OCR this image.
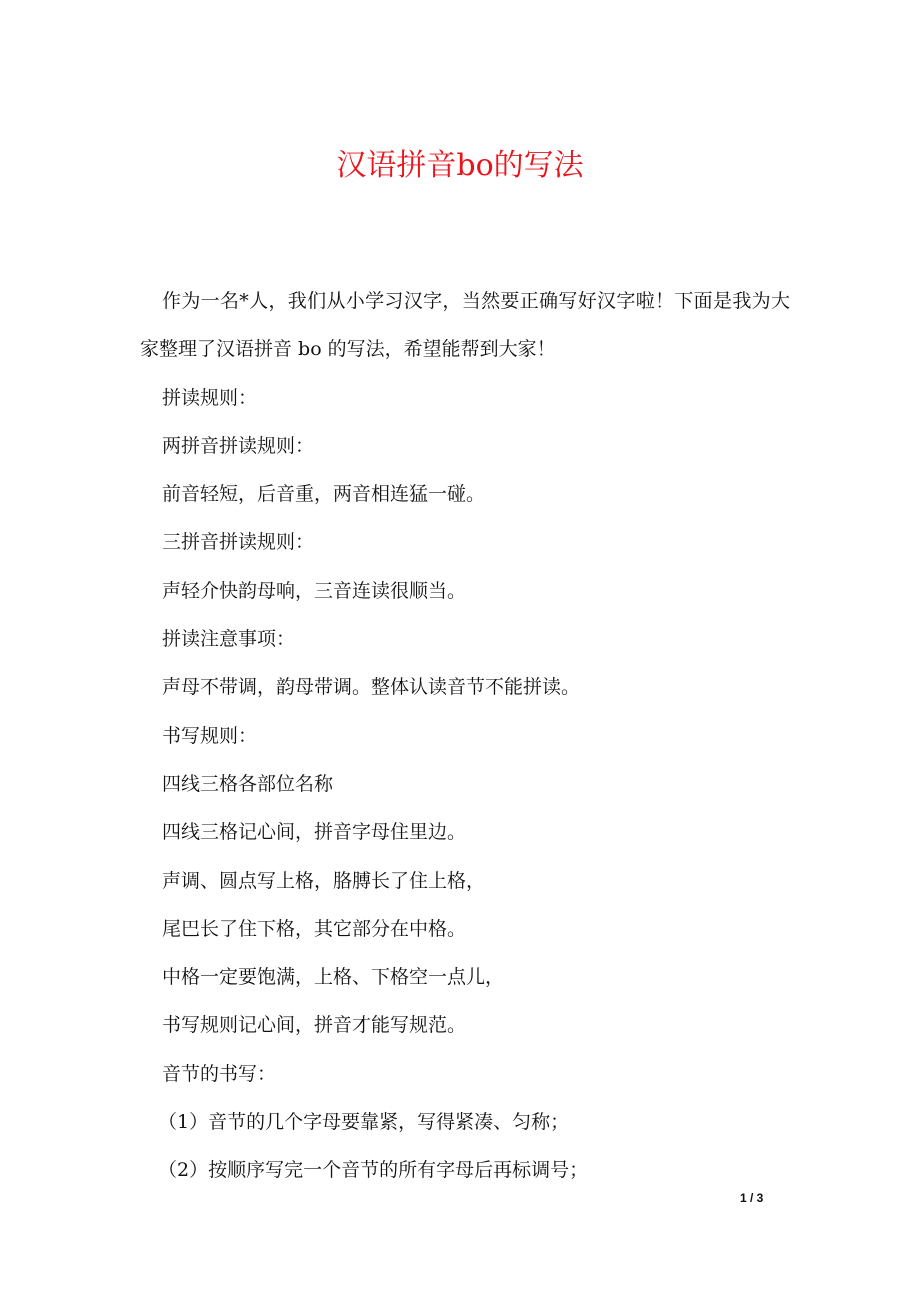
汉语拼音bo的写法

作为一名*人，我们从小学习汉字，当然要正确写好汉字啦！下面是我为大家整理了汉语拼音 bo 的写法，希望能帮到大家！

拼读规则：

两拼音拼读规则：

前音轻短，后音重，两音相连猛一碰。

三拼音拼读规则：

声轻介快韵母响，三音连读很顺当。

拼读注意事项：

声母不带调，韵母带调。整体认读音节不能拼读。

书写规则：

四线三格各部位名称

四线三格记心间，拼音字母住里边。

声调、圆点写上格，胳膊长了住上格，

尾巴长了住下格，其它部分在中格。

中格一定要饱满，上格、下格空一点儿，

书写规则记心间，拼音才能写规范。

音节的书写：

（1）音节的几个字母要靠紧，写得紧凑、匀称；

（2）按顺序写完一个音节的所有字母后再标调号；

1 / 3
